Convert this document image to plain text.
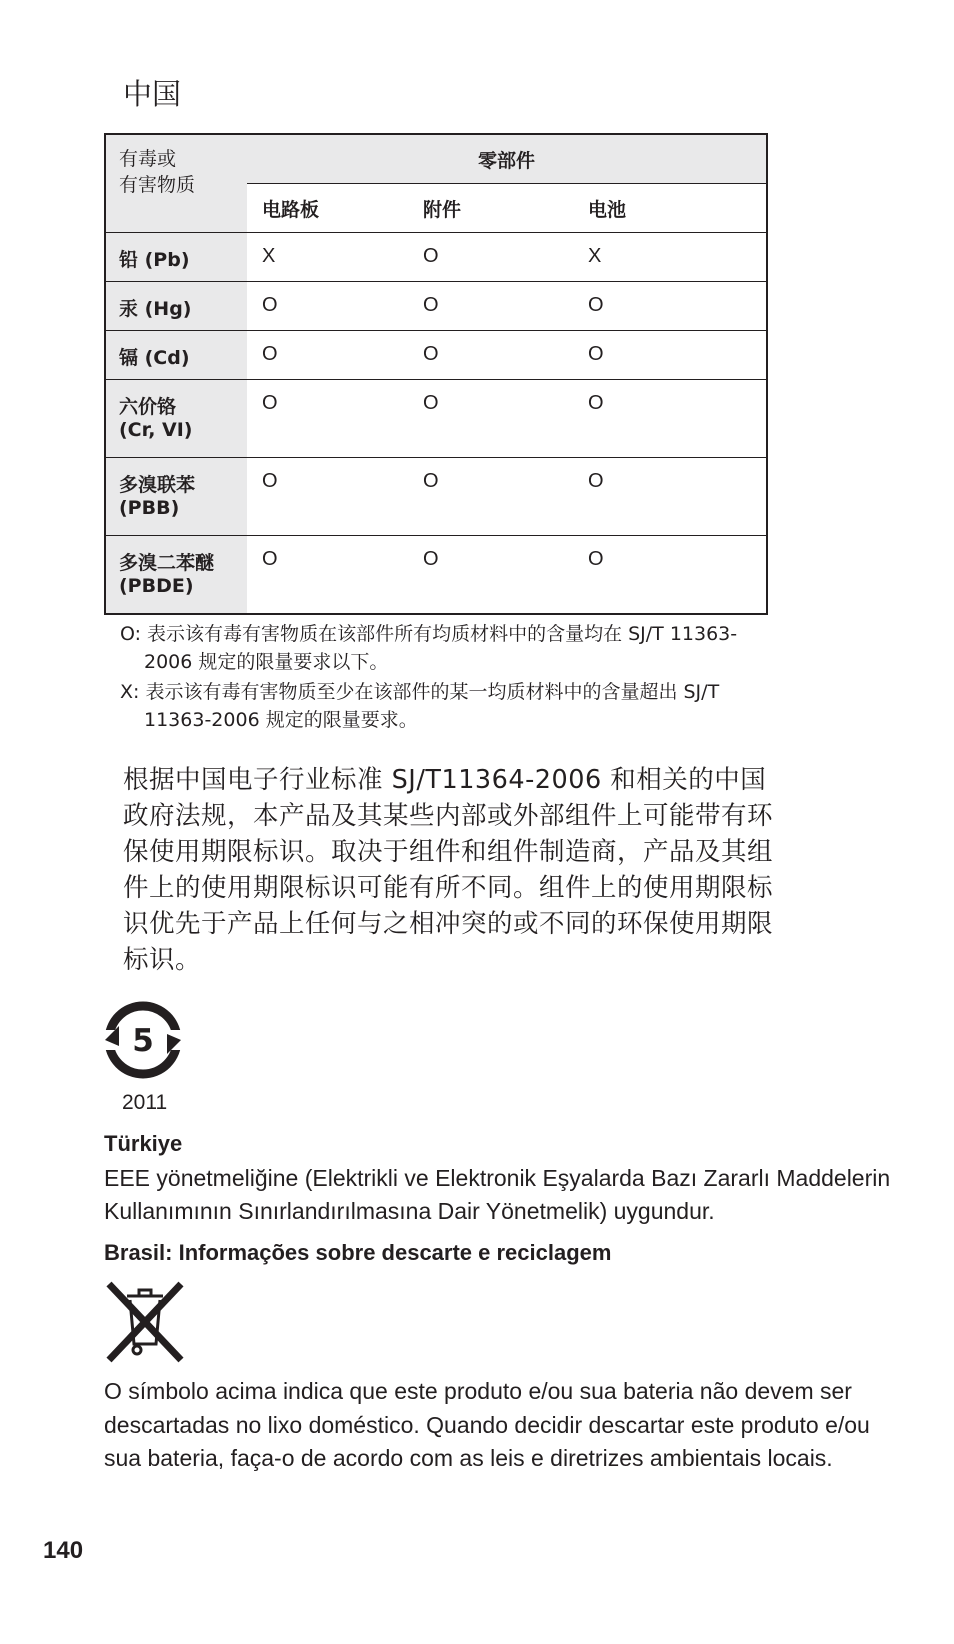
中国
有毒或
有害物质	零部件		
	电路板	附件	电池
铅 (Pb)	X	O	X
汞 (Hg)	O	O	O
镉 (Cd)	O	O	O

六价铬
(Cr, VI)	O	O	O

多溴联苯
(PBB)	O	O	O

多溴二苯醚
(PBDE)	O	O	O
O: 表示该有毒有害物质在该部件所有均质材料中的含量均在 SJ/T 11363-2006 规定的限量要求以下。
X: 表示该有毒有害物质至少在该部件的某一均质材料中的含量超出 SJ/T 11363-2006 规定的限量要求。
根据中国电子行业标准 SJ/T11364-2006 和相关的中国政府法规，本产品及其某些内部或外部组件上可能带有环保使用期限标识。取决于组件和组件制造商，产品及其组件上的使用期限标识可能有所不同。组件上的使用期限标识优先于产品上任何与之相冲突的或不同的环保使用期限标识。
5
2011
Türkiye
EEE yönetmeliğine (Elektrikli ve Elektronik Eşyalarda Bazı Zararlı Maddelerin Kullanımının Sınırlandırılmasına Dair Yönetmelik) uygundur.
Brasil: Informações sobre descarte e reciclagem
O símbolo acima indica que este produto e/ou sua bateria não devem ser descartadas no lixo doméstico. Quando decidir descartar este produto e/ou sua bateria, faça-o de acordo com as leis e diretrizes ambientais locais.
140
